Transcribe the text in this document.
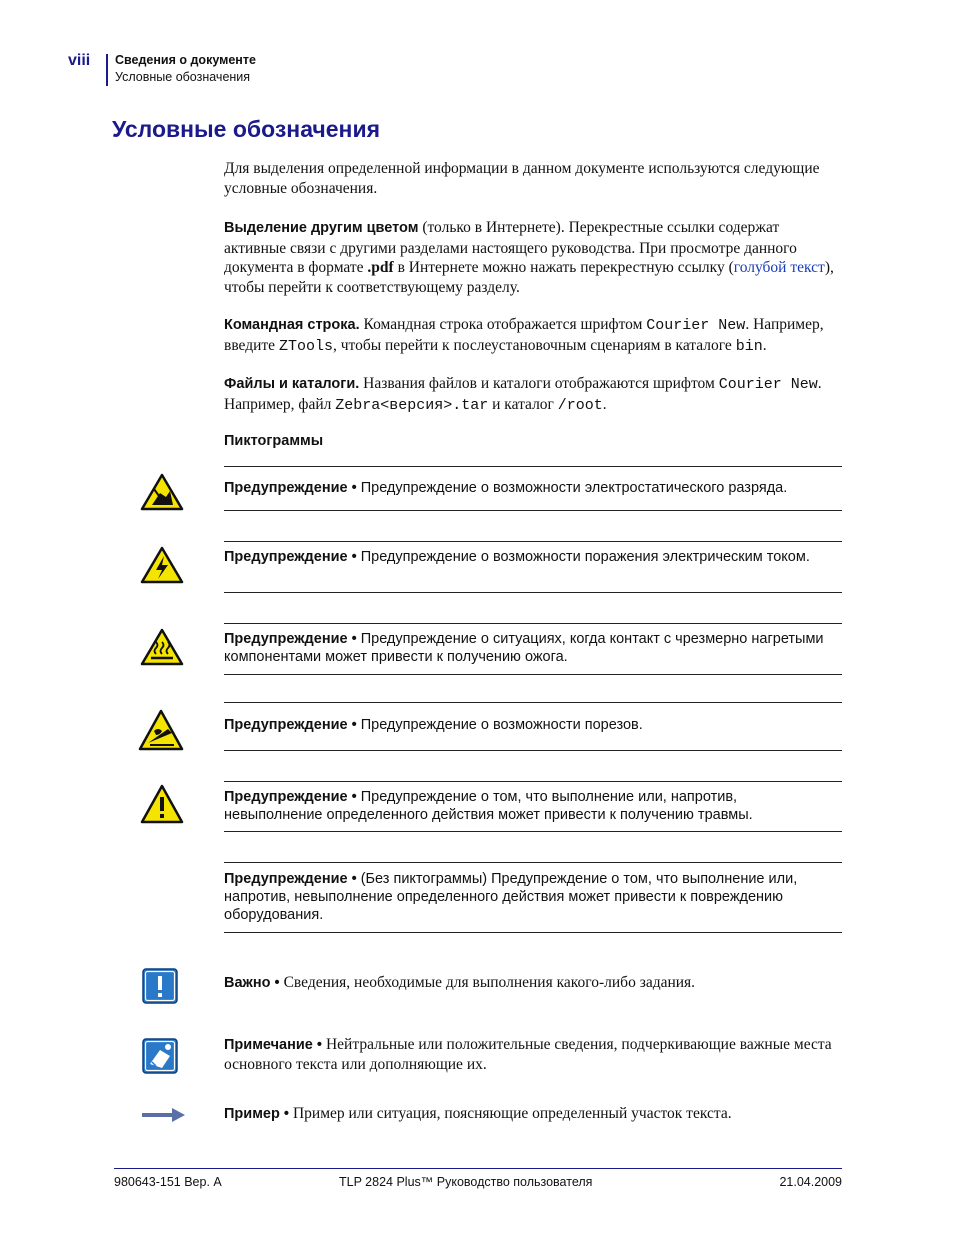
viii Сведения о документе
Условные обозначения
Условные обозначения

Для выделения определенной информации в данном документе используются следующие условные обозначения.

Выделение другим цветом (только в Интернете). Перекрестные ссылки содержат активные связи с другими разделами настоящего руководства. При просмотре данного документа в формате .pdf в Интернете можно нажать перекрестную ссылку (голубой текст), чтобы перейти к соответствующему разделу.

Командная строка. Командная строка отображается шрифтом Courier New. Например, введите ZTools, чтобы перейти к послеустановочным сценариям в каталоге bin.

Файлы и каталоги. Названия файлов и каталоги отображаются шрифтом Courier New. Например, файл Zebra<версия>.tar и каталог /root.

Пиктограммы

Предупреждение • Предупреждение о возможности электростатического разряда.

Предупреждение • Предупреждение о возможности поражения электрическим током.

Предупреждение • Предупреждение о ситуациях, когда контакт с чрезмерно нагретыми компонентами может привести к получению ожога.

Предупреждение • Предупреждение о возможности порезов.

Предупреждение • Предупреждение о том, что выполнение или, напротив, невыполнение определенного действия может привести к получению травмы.

Предупреждение • (Без пиктограммы) Предупреждение о том, что выполнение или, напротив, невыполнение определенного действия может привести к повреждению оборудования.

Важно • Сведения, необходимые для выполнения какого-либо задания.

Примечание • Нейтральные или положительные сведения, подчеркивающие важные места основного текста или дополняющие их.

Пример • Пример или ситуация, поясняющие определенный участок текста.

980643-151 Вер. A	TLP 2824 Plus™ Руководство пользователя	21.04.2009
